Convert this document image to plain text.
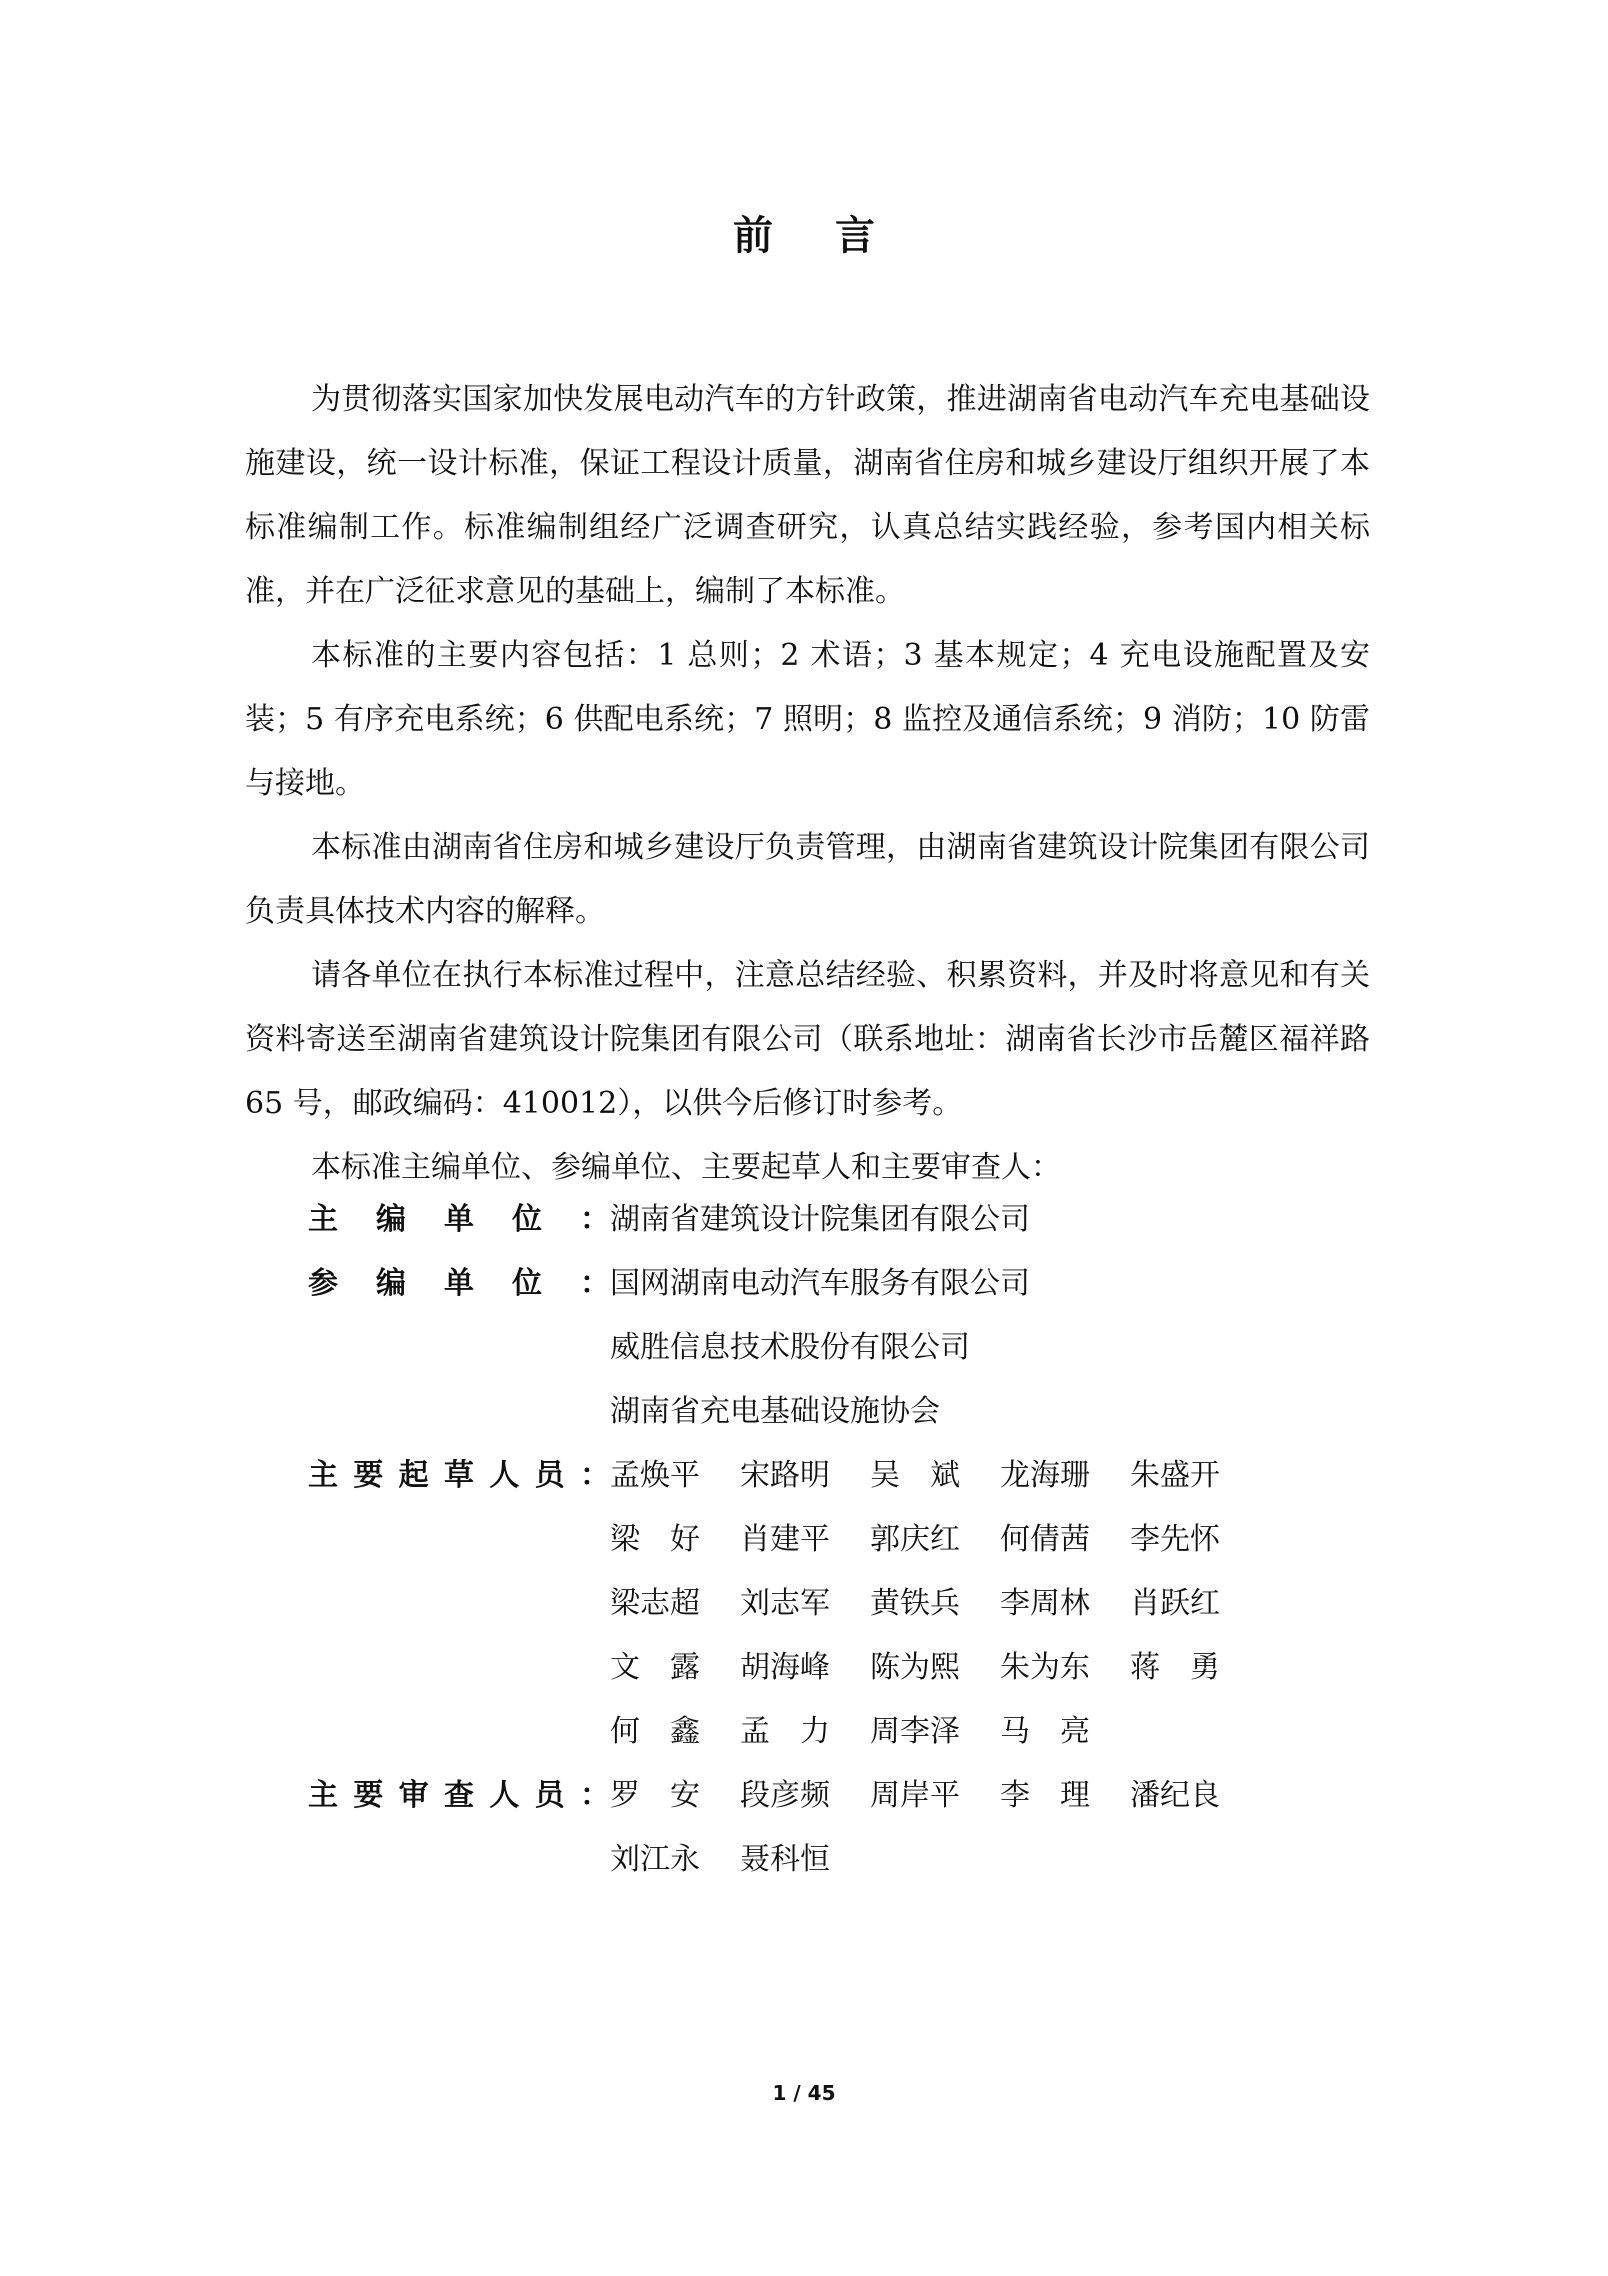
前 言

为贯彻落实国家加快发展电动汽车的方针政策，推进湖南省电动汽车充电基础设施建设，统一设计标准，保证工程设计质量，湖南省住房和城乡建设厅组织开展了本标准编制工作。标准编制组经广泛调查研究，认真总结实践经验，参考国内相关标准，并在广泛征求意见的基础上，编制了本标准。

本标准的主要内容包括：1 总则；2 术语；3 基本规定；4 充电设施配置及安装；5 有序充电系统；6 供配电系统；7 照明；8 监控及通信系统；9 消防；10 防雷与接地。

本标准由湖南省住房和城乡建设厅负责管理，由湖南省建筑设计院集团有限公司负责具体技术内容的解释。

请各单位在执行本标准过程中，注意总结经验、积累资料，并及时将意见和有关资料寄送至湖南省建筑设计院集团有限公司（联系地址：湖南省长沙市岳麓区福祥路 65 号，邮政编码：410012），以供今后修订时参考。

本标准主编单位、参编单位、主要起草人和主要审查人：

主 编 单 位 ： 湖南省建筑设计院集团有限公司
参 编 单 位 ： 国网湖南电动汽车服务有限公司
威胜信息技术股份有限公司
湖南省充电基础设施协会
主 要 起 草 人 员 ： 孟焕平	宋路明	吴斌 龙海珊	朱盛开
梁好 肖建平	郭庆红	何倩茜	李先怀
梁志超	刘志军	黄铁兵	李周林	肖跃红
文露 胡海峰	陈为熙	朱为东	蒋勇
何鑫 孟力 周李泽	马亮
主 要 审 查 人 员 ： 罗安 段彦频	周岸平	李理 潘纪良
刘江永	聂科恒
1 / 45
